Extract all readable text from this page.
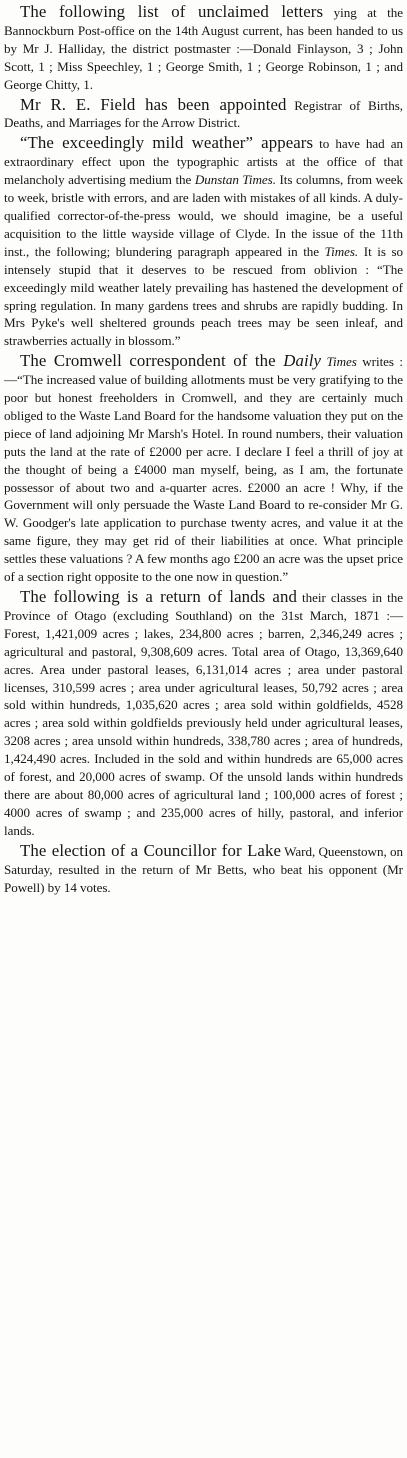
The following list of unclaimed letters ying at the Bannockburn Post-office on the 14th August current, has been handed to us by Mr J. Halliday, the district postmaster :—Donald Finlayson, 3 ; John Scott, 1 ; Miss Speechley, 1 ; George Smith, 1 ; George Robinson, 1 ; and George Chitty, 1.

Mr R. E. Field has been appointed Registrar of Births, Deaths, and Marriages for the Arrow District.

“The exceedingly mild weather” appears to have had an extraordinary effect upon the typographic artists at the office of that melancholy advertising medium the Dunstan Times. Its columns, from week to week, bristle with errors, and are laden with mistakes of all kinds. A duly-qualified corrector-of-the-press would, we should imagine, be a useful acquisition to the little wayside village of Clyde. In the issue of the 11th inst., the following; blundering paragraph appeared in the Times. It is so intensely stupid that it deserves to be rescued from oblivion : “The exceedingly mild weather lately prevailing has hastened the development of spring regulation. In many gardens trees and shrubs are rapidly budding. In Mrs Pyke's well sheltered grounds peach trees may be seen inleaf, and strawberries actually in blossom.”

The Cromwell correspondent of the Daily Times writes :—“The increased value of building allotments must be very gratifying to the poor but honest freeholders in Cromwell, and they are certainly much obliged to the Waste Land Board for the handsome valuation they put on the piece of land adjoining Mr Marsh's Hotel. In round numbers, their valuation puts the land at the rate of £2000 per acre. I declare I feel a thrill of joy at the thought of being a £4000 man myself, being, as I am, the fortunate possessor of about two and a-quarter acres. £2000 an acre ! Why, if the Government will only persuade the Waste Land Board to re-consider Mr G. W. Goodger's late application to purchase twenty acres, and value it at the same figure, they may get rid of their liabilities at once. What principle settles these valuations ? A few months ago £200 an acre was the upset price of a section right opposite to the one now in question.”

The following is a return of lands and their classes in the Province of Otago (excluding Southland) on the 31st March, 1871 :—Forest, 1,421,009 acres ; lakes, 234,800 acres ; barren, 2,346,249 acres ; agricultural and pastoral, 9,308,609 acres. Total area of Otago, 13,369,640 acres. Area under pastoral leases, 6,131,014 acres ; area under pastoral licenses, 310,599 acres ; area under agricultural leases, 50,792 acres ; area sold within hundreds, 1,035,620 acres ; area sold within goldfields, 4528 acres ; area sold within goldfields previously held under agricultural leases, 3208 acres ; area unsold within hundreds, 338,780 acres ; area of hundreds, 1,424,490 acres. Included in the sold and within hundreds are 65,000 acres of forest, and 20,000 acres of swamp. Of the unsold lands within hundreds there are about 80,000 acres of agricultural land ; 100,000 acres of forest ; 4000 acres of swamp ; and 235,000 acres of hilly, pastoral, and inferior lands.

The election of a Councillor for Lake Ward, Queenstown, on Saturday, resulted in the return of Mr Betts, who beat his opponent (Mr Powell) by 14 votes.
